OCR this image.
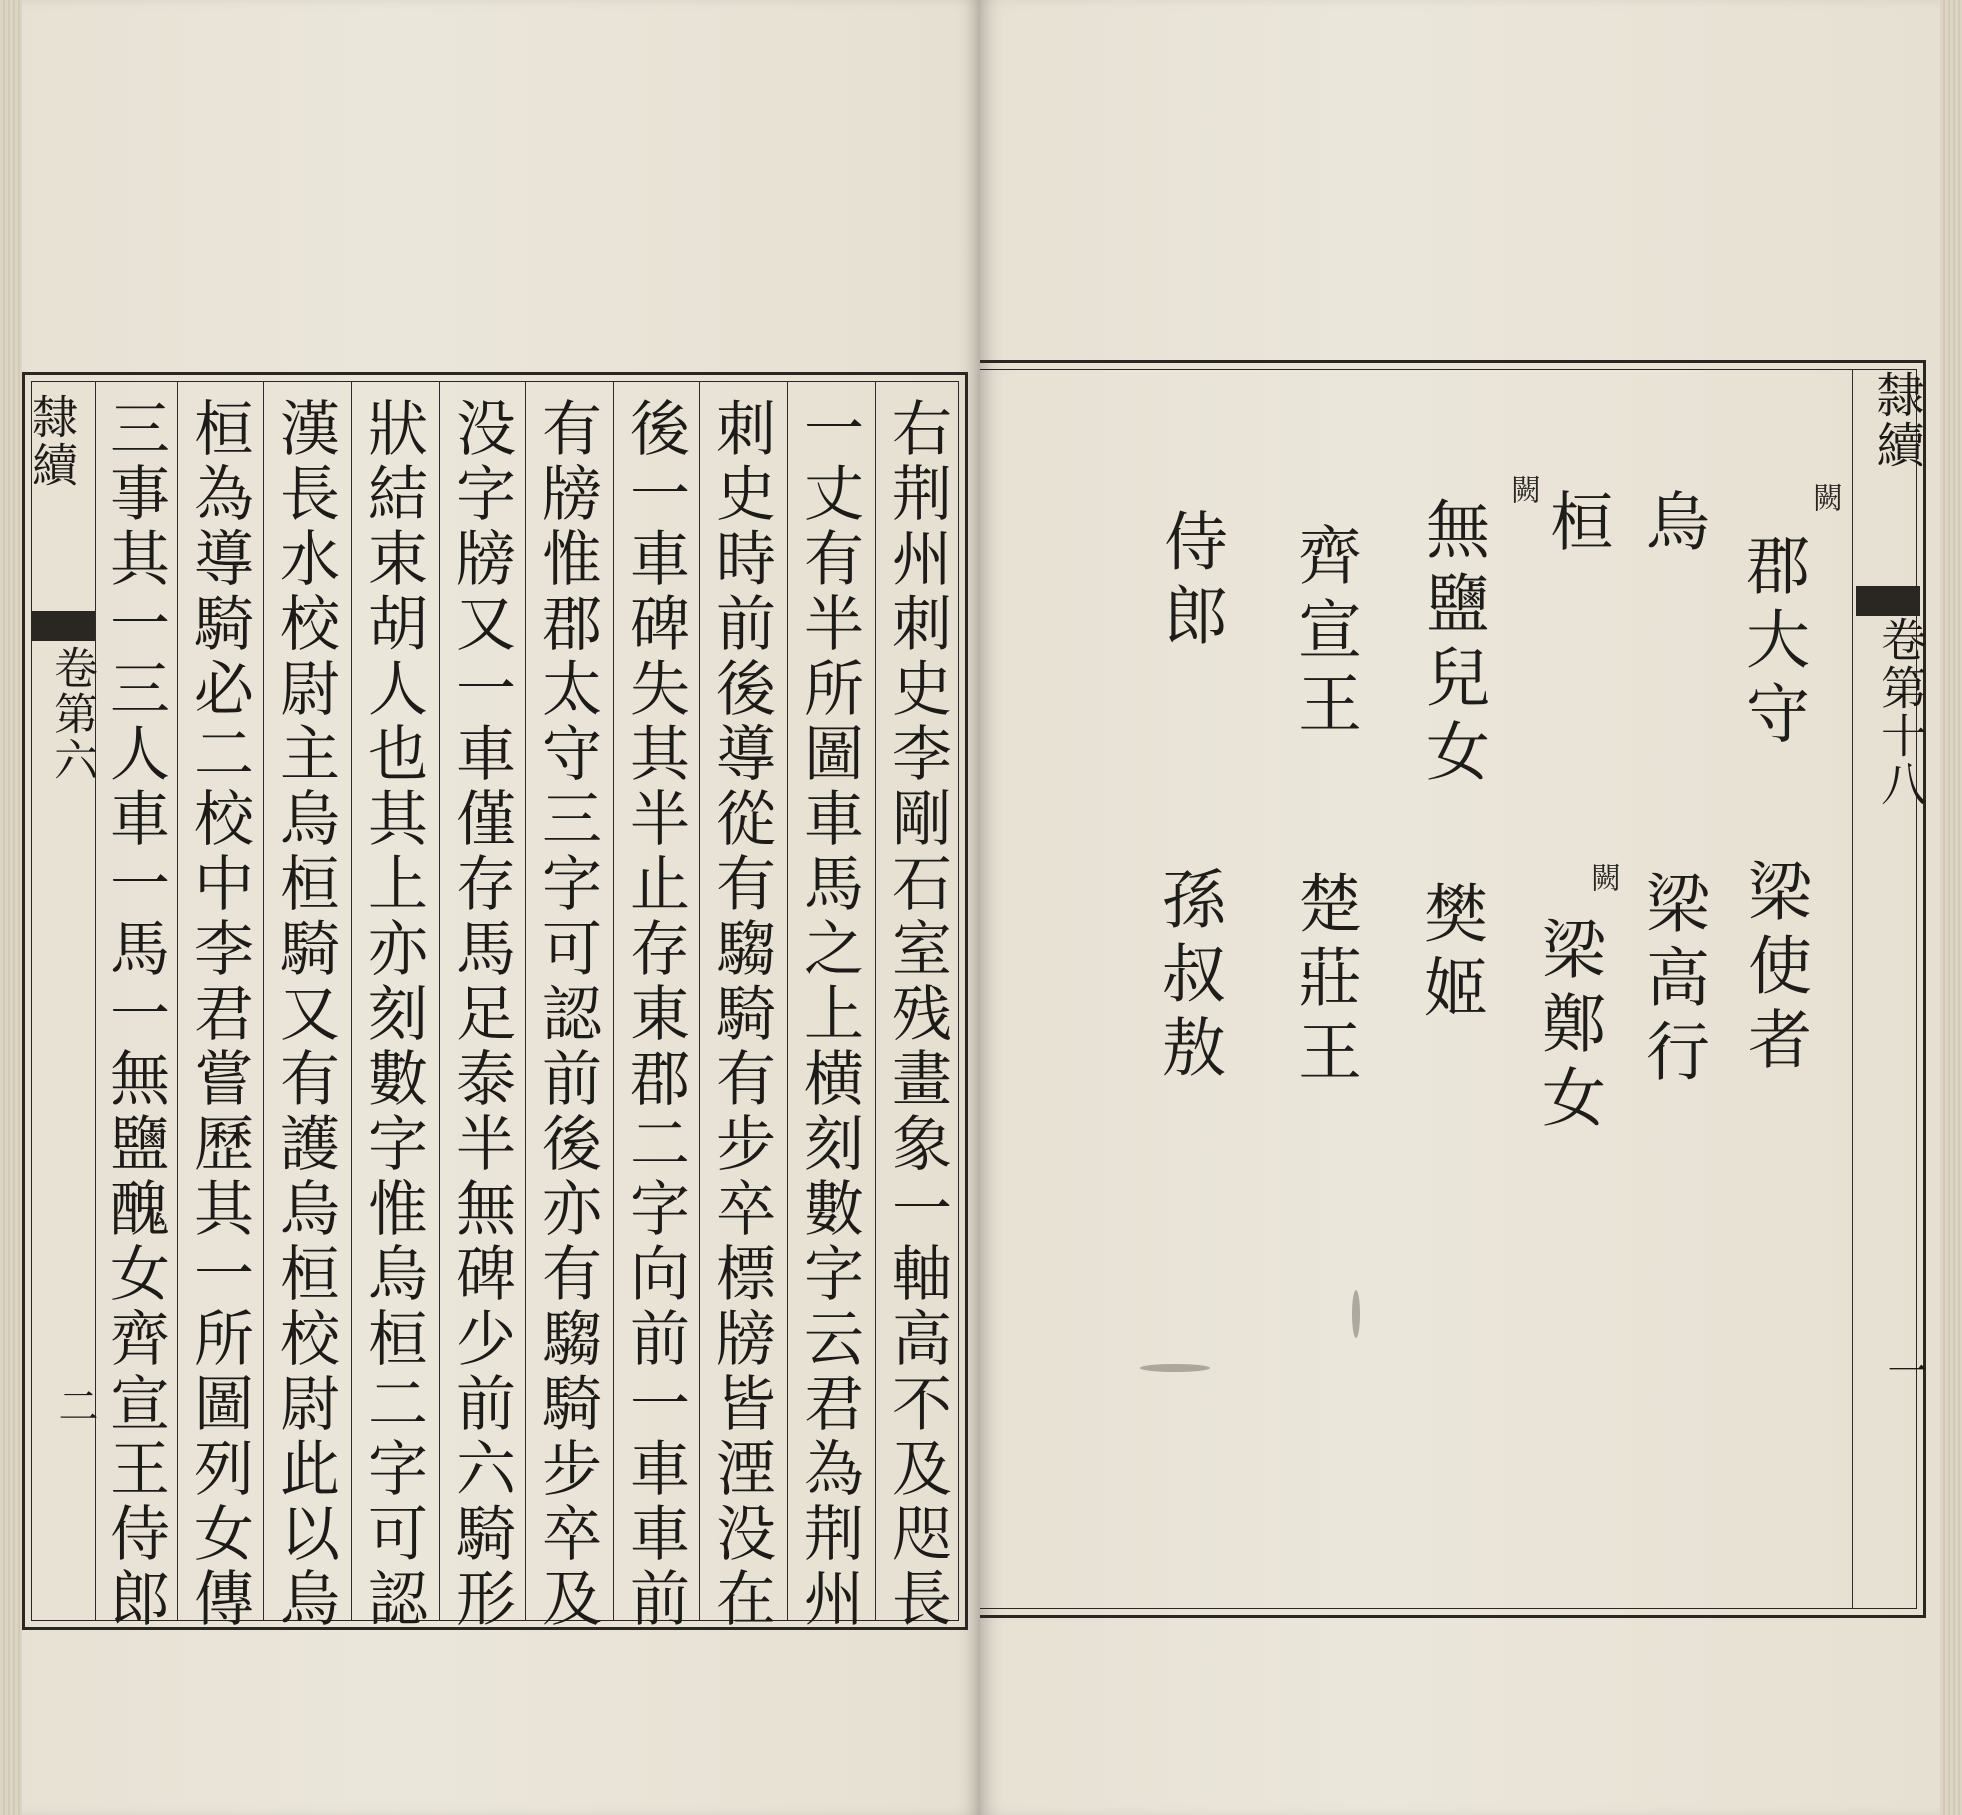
隸續
卷第六
二	右荆州刺史李剛石室残畫象一軸高不及咫長
一丈有半所圖車馬之上横刻數字云君為荆州
刺史時前後導從有騶騎有步卒標牓皆湮没在
後一車碑失其半止存東郡二字向前一車車前
有牓惟郡太守三字可認前後亦有騶騎步卒及
没字牓又一車僅存馬足泰半無碑少前六騎形
狀結束胡人也其上亦刻數字惟烏桓二字可認
漢長水校尉主烏桓騎又有護烏桓校尉此以烏
桓為導騎必二校中李君嘗歷其一所圖列女傳
三事其一三人車一馬一無鹽醜女齊宣王侍郎	隸續
卷第十八
一
闕
郡大守
烏
桓
闕
無鹽兒女
齊宣王
侍郎
梁使者
梁高行
闕
梁鄭女
樊姬
楚莊王
孫叔敖
